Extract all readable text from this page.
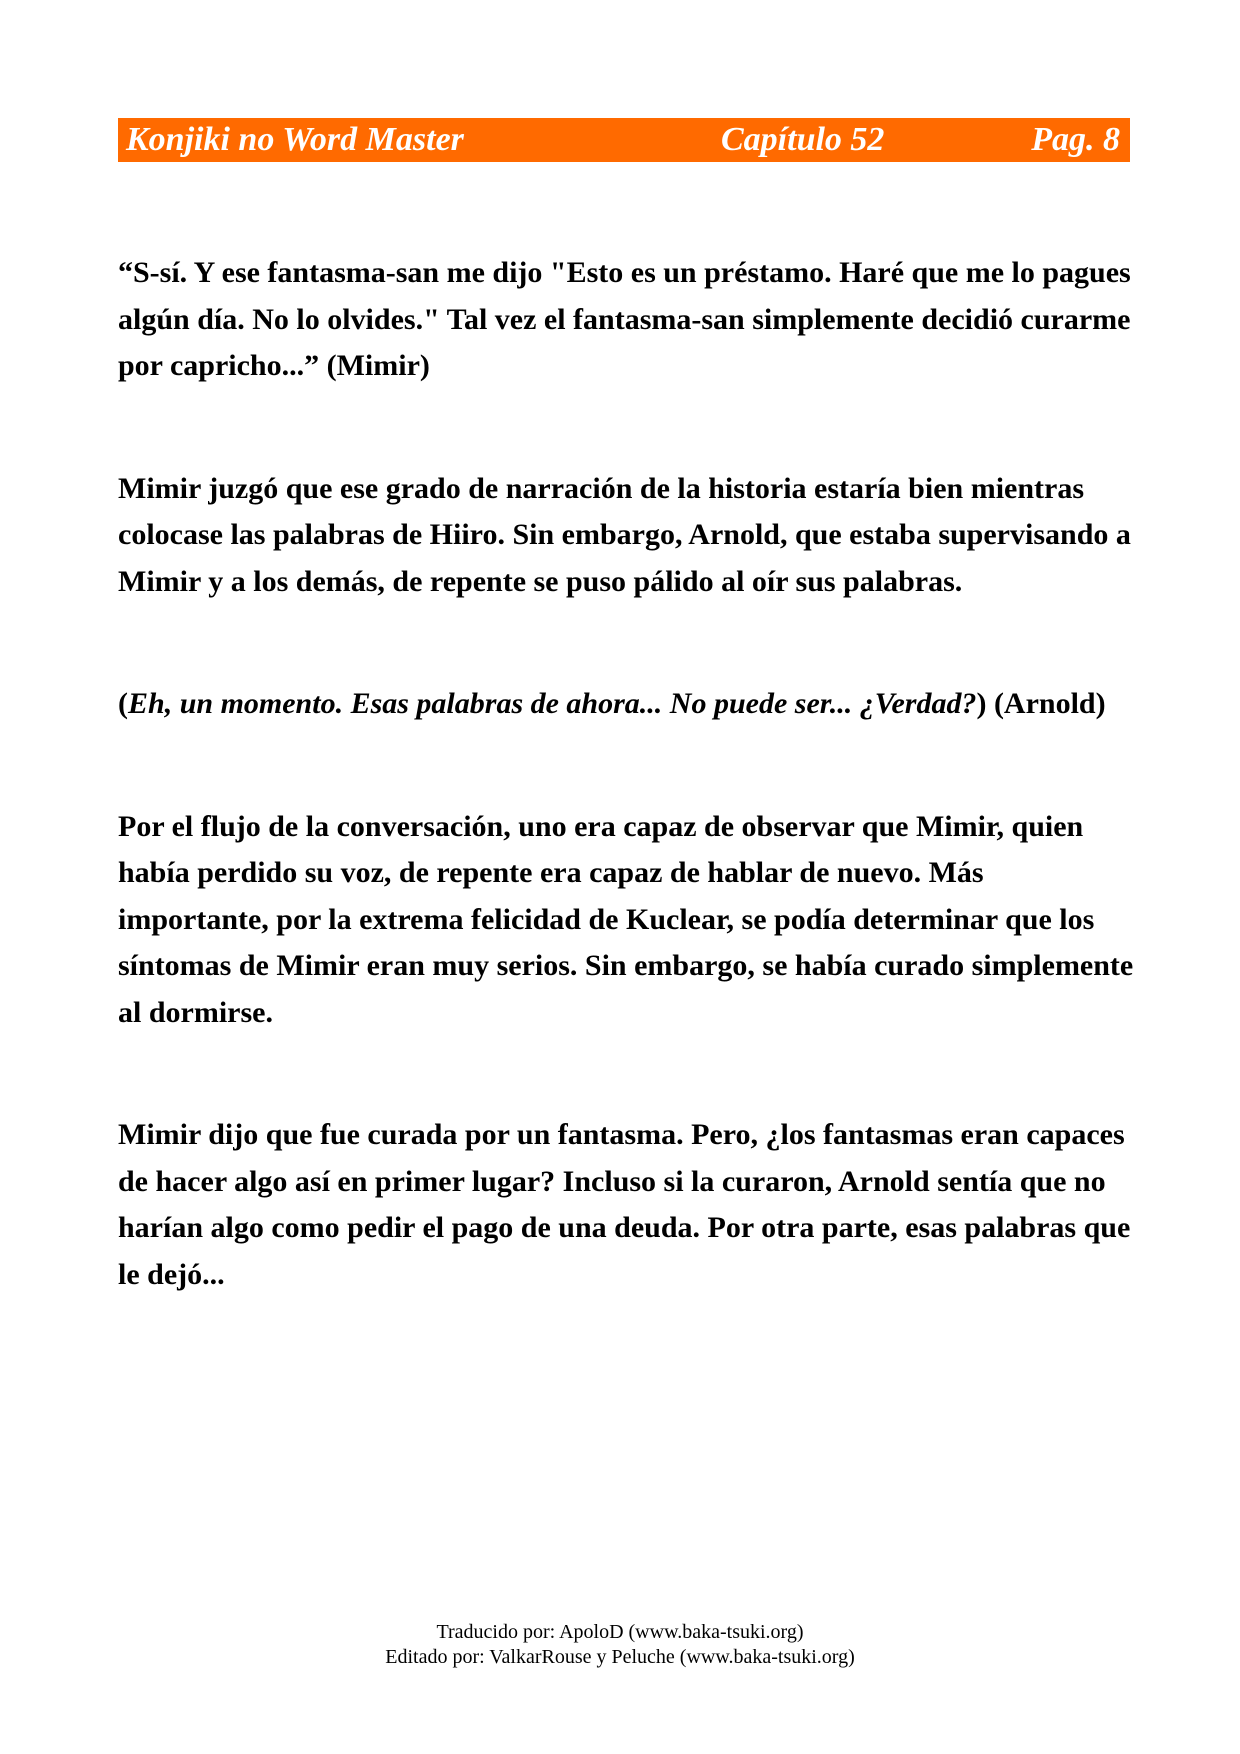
Konjiki no Word Master	Capítulo 52	Pag. 8

“S-sí. Y ese fantasma-san me dijo "Esto es un préstamo. Haré que me lo pagues algún día. No lo olvides." Tal vez el fantasma-san simplemente decidió curarme por capricho...” (Mimir)

Mimir juzgó que ese grado de narración de la historia estaría bien mientras colocase las palabras de Hiiro. Sin embargo, Arnold, que estaba supervisando a Mimir y a los demás, de repente se puso pálido al oír sus palabras.

(Eh, un momento. Esas palabras de ahora... No puede ser... ¿Verdad?) (Arnold)

Por el flujo de la conversación, uno era capaz de observar que Mimir, quien había perdido su voz, de repente era capaz de hablar de nuevo. Más importante, por la extrema felicidad de Kuclear, se podía determinar que los síntomas de Mimir eran muy serios. Sin embargo, se había curado simplemente al dormirse.

Mimir dijo que fue curada por un fantasma. Pero, ¿los fantasmas eran capaces de hacer algo así en primer lugar? Incluso si la curaron, Arnold sentía que no harían algo como pedir el pago de una deuda. Por otra parte, esas palabras que le dejó...

Traducido por: ApoloD (www.baka-tsuki.org)
Editado por: ValkarRouse y Peluche (www.baka-tsuki.org)
